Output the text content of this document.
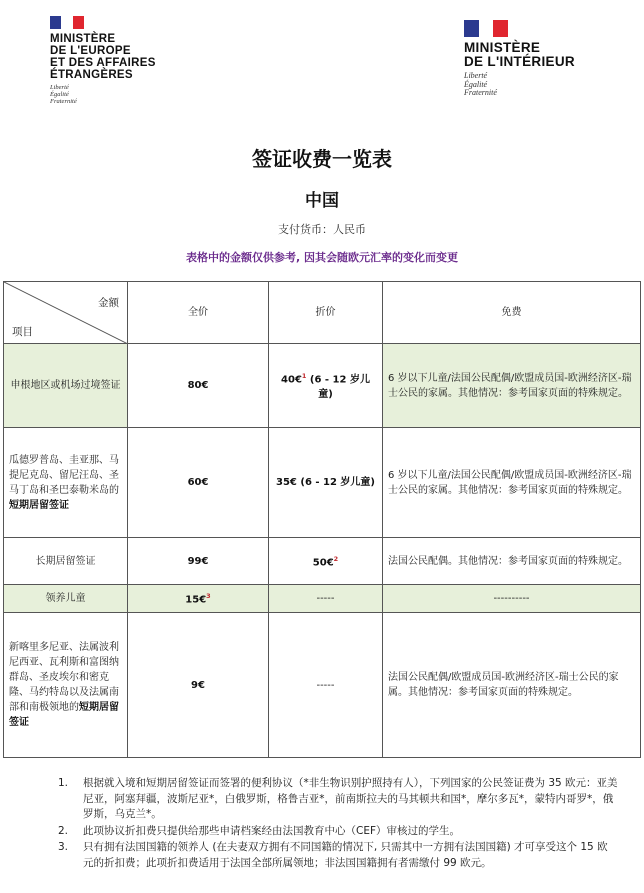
MINISTÈRE
DE L'EUROPE
ET DES AFFAIRES
ÉTRANGÈRES
Liberté
Égalité
Fraternité
MINISTÈRE
DE L'INTÉRIEUR
Liberté
Égalité
Fraternité
签证收费一览表
中国
支付货币：人民币
表格中的金额仅供参考, 因其会随欧元汇率的变化而变更
金额
项目	全价	折价	免费
申根地区或机场过境签证	80€	40€$^1$ (6 - 12 岁儿童)	6 岁以下儿童/法国公民配偶/欧盟成员国-欧洲经济区-瑞士公民的家属。其他情况：参考国家页面的特殊规定。
瓜德罗普岛、圭亚那、马提尼克岛、留尼汪岛、圣马丁岛和圣巴泰勒米岛的短期居留签证	60€	35€ (6 - 12 岁儿童)	6 岁以下儿童/法国公民配偶/欧盟成员国-欧洲经济区-瑞士公民的家属。其他情况：参考国家页面的特殊规定。
长期居留签证	99€	50€$^2$	法国公民配偶。其他情况：参考国家页面的特殊规定。
领养儿童	15€$^3$	-----	----------
新喀里多尼亚、法属波利尼西亚、瓦利斯和富图纳群岛、圣皮埃尔和密克隆、马约特岛以及法属南部和南极领地的短期居留签证	9€	-----	法国公民配偶/欧盟成员国-欧洲经济区-瑞士公民的家属。其他情况：参考国家页面的特殊规定。
1.	根据就入境和短期居留签证而签署的便利协议（*非生物识别护照持有人），下列国家的公民签证费为 35 欧元：亚美尼亚，阿塞拜疆，波斯尼亚*，白俄罗斯，格鲁吉亚*，前南斯拉夫的马其顿共和国*，摩尔多瓦*，蒙特内哥罗*，俄罗斯，乌克兰*。
2.	此项协议折扣费只提供给那些申请档案经由法国教育中心（CEF）审核过的学生。
3.	只有拥有法国国籍的领养人 (在夫妻双方拥有不同国籍的情况下, 只需其中一方拥有法国国籍) 才可享受这个 15 欧元的折扣费；此项折扣费适用于法国全部所属领地；非法国国籍拥有者需缴付 99 欧元。
